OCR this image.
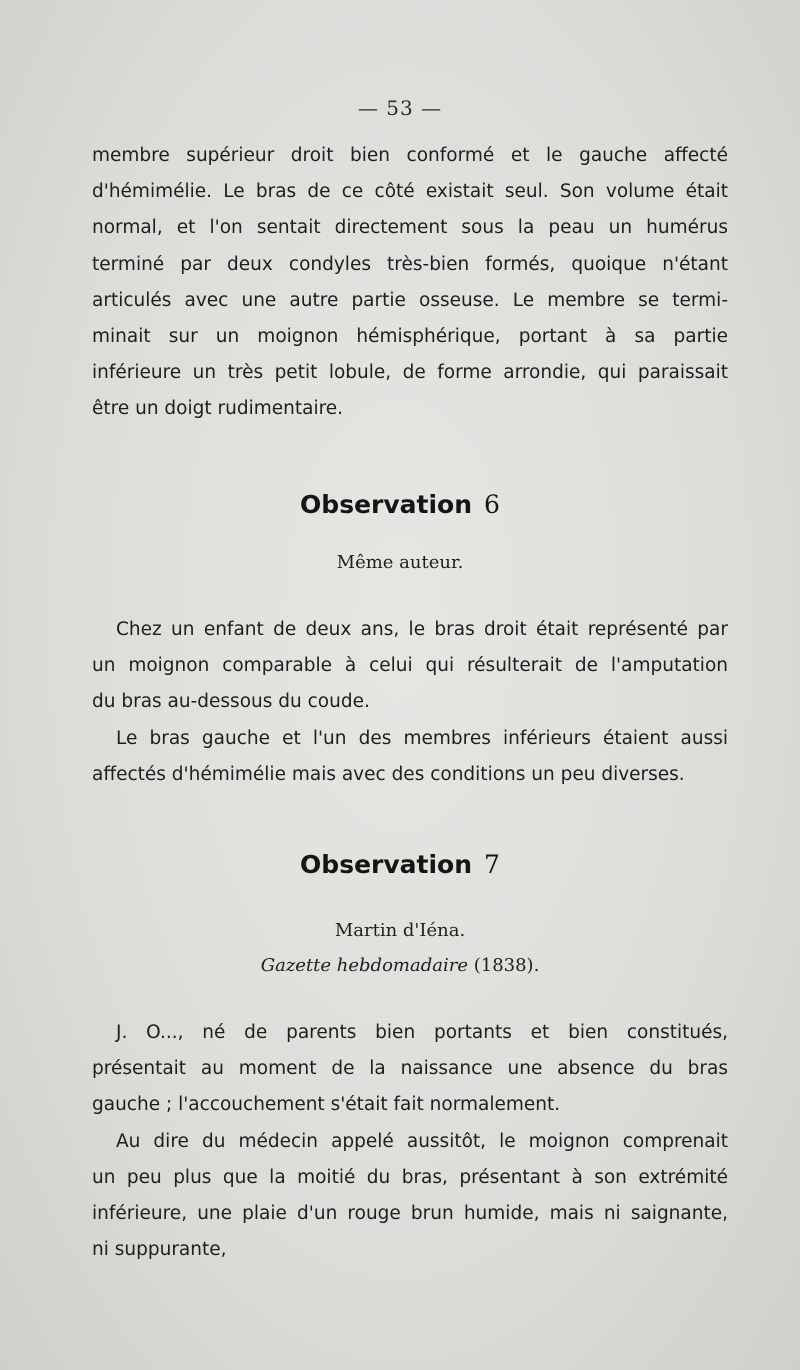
— 53 —

membre supérieur droit bien conformé et le gauche affecté
d'hémimélie. Le bras de ce côté existait seul. Son volume était
normal, et l'on sentait directement sous la peau un humérus
terminé par deux condyles très-bien formés, quoique n'étant
articulés avec une autre partie osseuse. Le membre se termi-
minait sur un moignon hémisphérique, portant à sa partie
inférieure un très petit lobule, de forme arrondie, qui paraissait
être un doigt rudimentaire.

Observation 6
Même auteur.

Chez un enfant de deux ans, le bras droit était représenté par
un moignon comparable à celui qui résulterait de l'amputation
du bras au-dessous du coude.

Le bras gauche et l'un des membres inférieurs étaient aussi
affectés d'hémimélie mais avec des conditions un peu diverses.

Observation 7
Martin d'Iéna.
Gazette hebdomadaire (1838).

J. O..., né de parents bien portants et bien constitués,
présentait au moment de la naissance une absence du bras
gauche ; l'accouchement s'était fait normalement.

Au dire du médecin appelé aussitôt, le moignon comprenait
un peu plus que la moitié du bras, présentant à son extrémité
inférieure, une plaie d'un rouge brun humide, mais ni saignante,
ni suppurante,
